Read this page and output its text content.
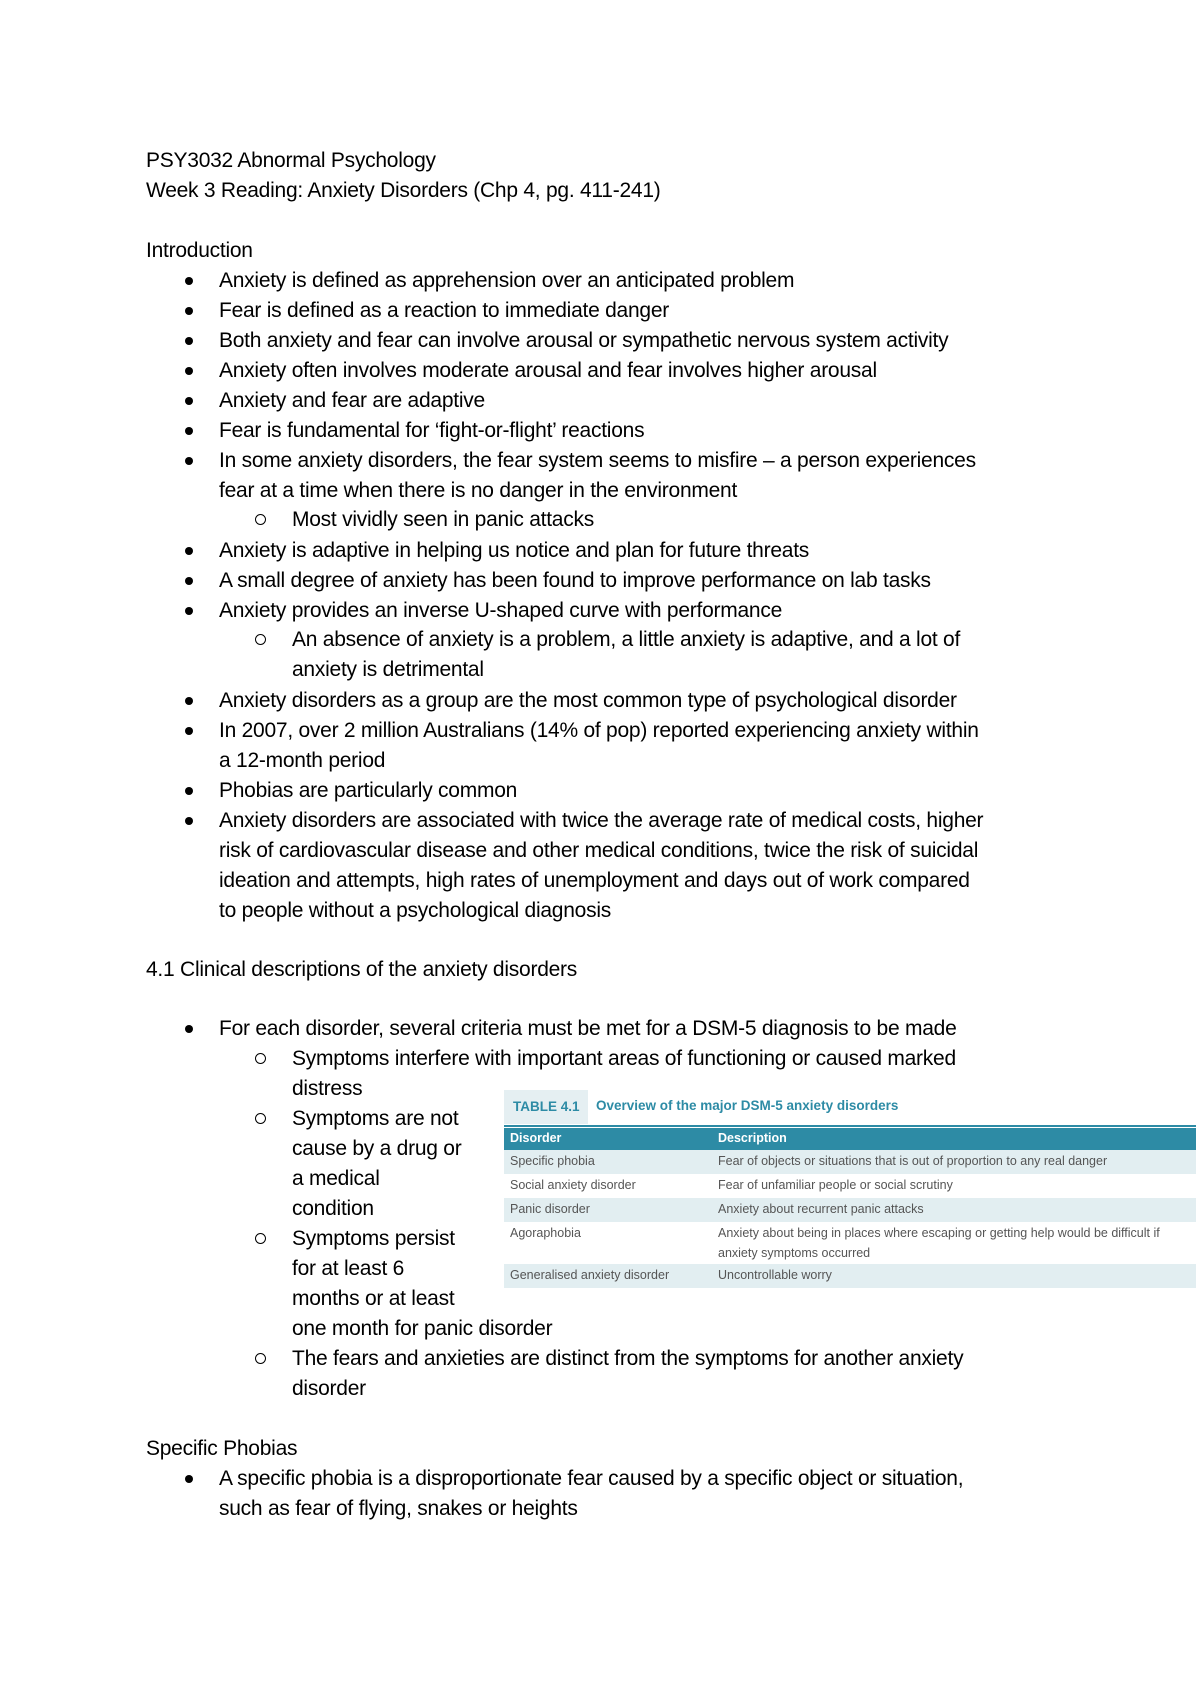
PSY3032 Abnormal Psychology

Week 3 Reading: Anxiety Disorders (Chp 4, pg. 411-241)

Introduction

Anxiety is defined as apprehension over an anticipated problem

Fear is defined as a reaction to immediate danger

Both anxiety and fear can involve arousal or sympathetic nervous system activity

Anxiety often involves moderate arousal and fear involves higher arousal

Anxiety and fear are adaptive

Fear is fundamental for ‘fight-or-flight’ reactions

In some anxiety disorders, the fear system seems to misfire – a person experiences

fear at a time when there is no danger in the environment

Most vividly seen in panic attacks

Anxiety is adaptive in helping us notice and plan for future threats

A small degree of anxiety has been found to improve performance on lab tasks

Anxiety provides an inverse U-shaped curve with performance

An absence of anxiety is a problem, a little anxiety is adaptive, and a lot of

anxiety is detrimental

Anxiety disorders as a group are the most common type of psychological disorder

In 2007, over 2 million Australians (14% of pop) reported experiencing anxiety within

a 12-month period

Phobias are particularly common

Anxiety disorders are associated with twice the average rate of medical costs, higher

risk of cardiovascular disease and other medical conditions, twice the risk of suicidal

ideation and attempts, high rates of unemployment and days out of work compared

to people without a psychological diagnosis

4.1 Clinical descriptions of the anxiety disorders

For each disorder, several criteria must be met for a DSM-5 diagnosis to be made

Symptoms interfere with important areas of functioning or caused marked

distress

Symptoms are not

cause by a drug or

a medical

condition

Symptoms persist

for at least 6

months or at least

one month for panic disorder

The fears and anxieties are distinct from the symptoms for another anxiety

disorder

TABLE 4.1	Overview of the major DSM-5 anxiety disorders
Disorder	Description
Specific phobia	Fear of objects or situations that is out of proportion to any real danger
Social anxiety disorder	Fear of unfamiliar people or social scrutiny
Panic disorder	Anxiety about recurrent panic attacks
Agoraphobia	Anxiety about being in places where escaping or getting help would be difficult if
anxiety symptoms occurred
Generalised anxiety disorder	Uncontrollable worry

Specific Phobias

A specific phobia is a disproportionate fear caused by a specific object or situation,

such as fear of flying, snakes or heights
